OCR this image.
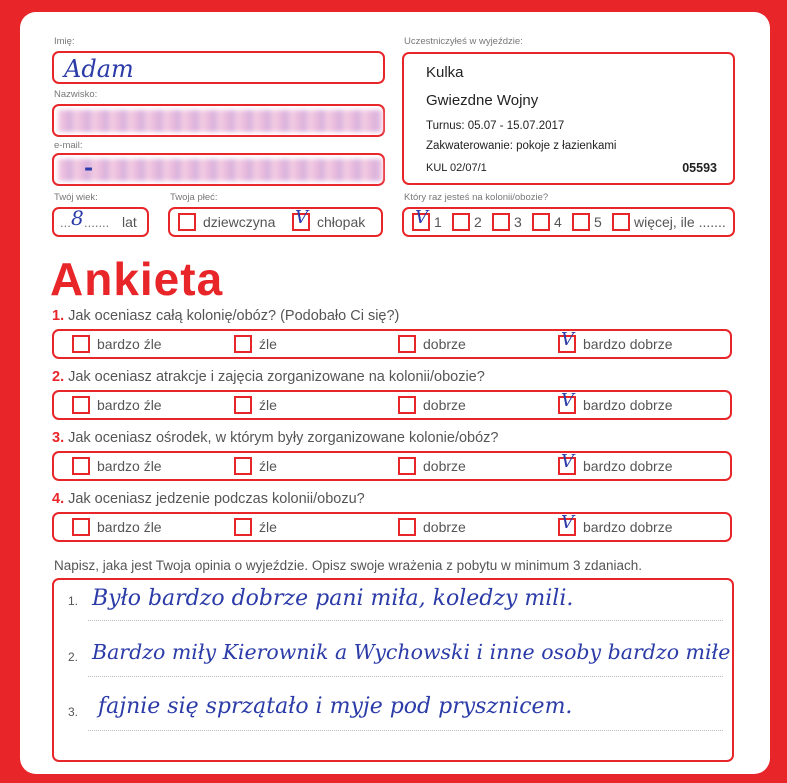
Imię:
Adam
Nazwisko:
e-mail:
-
Uczestniczyłeś w wyjeździe:
Kulka
Gwiezdne Wojny
Turnus: 05.07 - 15.07.2017
Zakwaterowanie: pokoje z łazienkami
KUL 02/07/1	05593
Twój wiek:
... 8 ....... lat
Twoja płeć:
dziewczyna V chłopak
Który raz jesteś na kolonii/obozie?
V 1 2 3 4 5 więcej, ile .......
Ankieta
1. Jak oceniasz całą kolonię/obóz? (Podobało Ci się?)
bardzo źle	źle	dobrze	V bardzo dobrze
2. Jak oceniasz atrakcje i zajęcia zorganizowane na kolonii/obozie?
bardzo źle	źle	dobrze	V bardzo dobrze
3. Jak oceniasz ośrodek, w którym były zorganizowane kolonie/obóz?
bardzo źle	źle	dobrze	V bardzo dobrze
4. Jak oceniasz jedzenie podczas kolonii/obozu?
bardzo źle	źle	dobrze	V bardzo dobrze
Napisz, jaka jest Twoja opinia o wyjeździe. Opisz swoje wrażenia z pobytu w minimum 3 zdaniach.
1. Było bardzo dobrze pani miła, koledzy mili.
2. Bardzo miły Kierownik a Wychowski i inne osoby bardzo miłe
3. fajnie się sprzątało i myje pod prysznicem.
